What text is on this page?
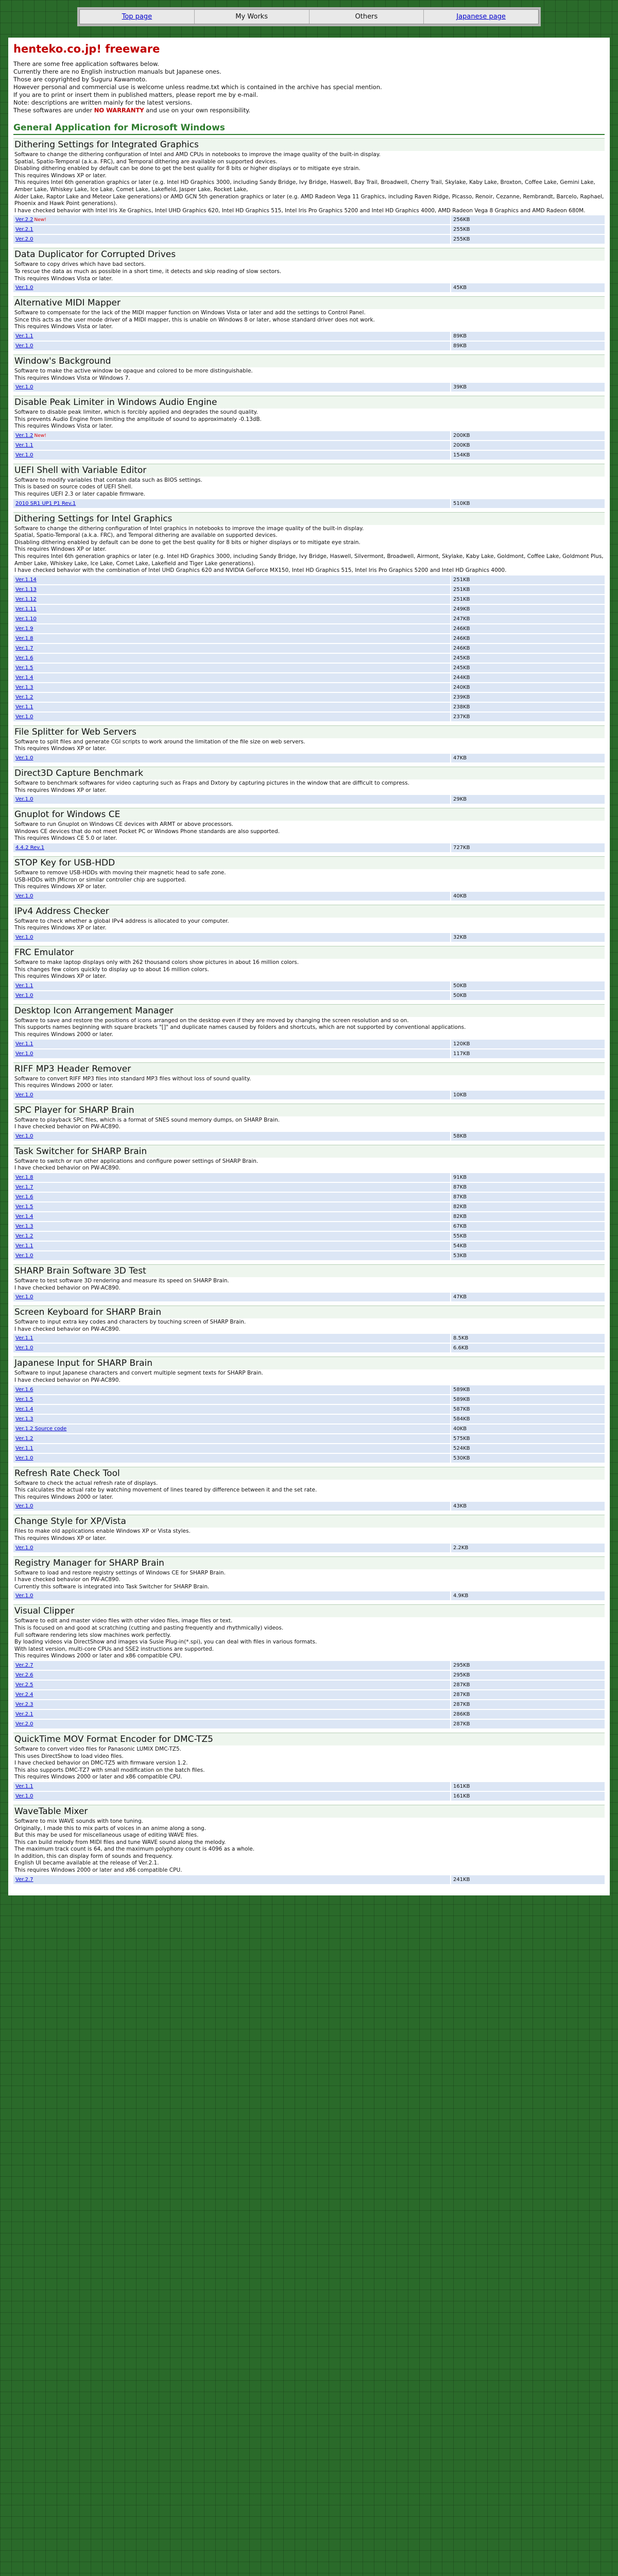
Top page	My Works	Others	Japanese page
henteko.co.jp! freeware

There are some free application softwares below.

Currently there are no English instruction manuals but Japanese ones.

Those are copyrighted by Suguru Kawamoto.

However personal and commercial use is welcome unless readme.txt which is contained in the archive has special mention.

If you are to print or insert them in published matters, please report me by e-mail.

Note: descriptions are written mainly for the latest versions.

These softwares are under NO WARRANTY and use on your own responsibility.

General Application for Microsoft Windows
Dithering Settings for Integrated Graphics
Software to change the dithering configuration of Intel and AMD CPUs in notebooks to improve the image quality of the built-in display.
Spatial, Spatio-Temporal (a.k.a. FRC), and Temporal dithering are available on supported devices.
Disabling dithering enabled by default can be done to get the best quality for 8 bits or higher displays or to mitigate eye strain.
This requires Windows XP or later.
This requires Intel 6th generation graphics or later (e.g. Intel HD Graphics 3000, including Sandy Bridge, Ivy Bridge, Haswell, Bay Trail, Broadwell, Cherry Trail, Skylake, Kaby Lake, Broxton, Coffee Lake, Gemini Lake, Amber Lake, Whiskey Lake, Ice Lake, Comet Lake, Lakefield, Jasper Lake, Rocket Lake,
Alder Lake, Raptor Lake and Meteor Lake generations) or AMD GCN 5th generation graphics or later (e.g. AMD Radeon Vega 11 Graphics, including Raven Ridge, Picasso, Renoir, Cezanne, Rembrandt, Barcelo, Raphael, Phoenix and Hawk Point generations).
I have checked behavior with Intel Iris Xe Graphics, Intel UHD Graphics 620, Intel HD Graphics 515, Intel Iris Pro Graphics 5200 and Intel HD Graphics 4000, AMD Radeon Vega 8 Graphics and AMD Radeon 680M.
Ver.2.2 New!	256KB
Ver.2.1	255KB
Ver.2.0	255KB
Data Duplicator for Corrupted Drives
Software to copy drives which have bad sectors.
To rescue the data as much as possible in a short time, it detects and skip reading of slow sectors.
This requires Windows Vista or later.
Ver.1.0	45KB
Alternative MIDI Mapper
Software to compensate for the lack of the MIDI mapper function on Windows Vista or later and add the settings to Control Panel.
Since this acts as the user mode driver of a MIDI mapper, this is unable on Windows 8 or later, whose standard driver does not work.
This requires Windows Vista or later.
Ver.1.1	89KB
Ver.1.0	89KB
Window's Background
Software to make the active window be opaque and colored to be more distinguishable.
This requires Windows Vista or Windows 7.
Ver.1.0	39KB
Disable Peak Limiter in Windows Audio Engine
Software to disable peak limiter, which is forcibly applied and degrades the sound quality.
This prevents Audio Engine from limiting the amplitude of sound to approximately -0.13dB.
This requires Windows Vista or later.
Ver.1.2 New!	200KB
Ver.1.1	200KB
Ver.1.0	154KB
UEFI Shell with Variable Editor
Software to modify variables that contain data such as BIOS settings.
This is based on source codes of UEFI Shell.
This requires UEFI 2.3 or later capable firmware.
2010 SR1 UP1 P1 Rev.1	510KB
Dithering Settings for Intel Graphics
Software to change the dithering configuration of Intel graphics in notebooks to improve the image quality of the built-in display.
Spatial, Spatio-Temporal (a.k.a. FRC), and Temporal dithering are available on supported devices.
Disabling dithering enabled by default can be done to get the best quality for 8 bits or higher displays or to mitigate eye strain.
This requires Windows XP or later.
This requires Intel 6th generation graphics or later (e.g. Intel HD Graphics 3000, including Sandy Bridge, Ivy Bridge, Haswell, Silvermont, Broadwell, Airmont, Skylake, Kaby Lake, Goldmont, Coffee Lake, Goldmont Plus, Amber Lake, Whiskey Lake, Ice Lake, Comet Lake, Lakefield and Tiger Lake generations).
I have checked behavior with the combination of Intel UHD Graphics 620 and NVIDIA GeForce MX150, Intel HD Graphics 515, Intel Iris Pro Graphics 5200 and Intel HD Graphics 4000.
Ver.1.14	251KB
Ver.1.13	251KB
Ver.1.12	251KB
Ver.1.11	249KB
Ver.1.10	247KB
Ver.1.9	246KB
Ver.1.8	246KB
Ver.1.7	246KB
Ver.1.6	245KB
Ver.1.5	245KB
Ver.1.4	244KB
Ver.1.3	240KB
Ver.1.2	239KB
Ver.1.1	238KB
Ver.1.0	237KB
File Splitter for Web Servers
Software to split files and generate CGI scripts to work around the limitation of the file size on web servers.
This requires Windows XP or later.
Ver.1.0	47KB
Direct3D Capture Benchmark
Software to benchmark softwares for video capturing such as Fraps and Dxtory by capturing pictures in the window that are difficult to compress.
This requires Windows XP or later.
Ver.1.0	29KB
Gnuplot for Windows CE
Software to run Gnuplot on Windows CE devices with ARMT or above processors.
Windows CE devices that do not meet Pocket PC or Windows Phone standards are also supported.
This requires Windows CE 5.0 or later.
4.4.2 Rev.1	727KB
STOP Key for USB-HDD
Software to remove USB-HDDs with moving their magnetic head to safe zone.
USB-HDDs with JMicron or similar controller chip are supported.
This requires Windows XP or later.
Ver.1.0	40KB
IPv4 Address Checker
Software to check whether a global IPv4 address is allocated to your computer.
This requires Windows XP or later.
Ver.1.0	32KB
FRC Emulator
Software to make laptop displays only with 262 thousand colors show pictures in about 16 million colors.
This changes few colors quickly to display up to about 16 million colors.
This requires Windows XP or later.
Ver.1.1	50KB
Ver.1.0	50KB
Desktop Icon Arrangement Manager
Software to save and restore the positions of icons arranged on the desktop even if they are moved by changing the screen resolution and so on.
This supports names beginning with square brackets "[]" and duplicate names caused by folders and shortcuts, which are not supported by conventional applications.
This requires Windows 2000 or later.
Ver.1.1	120KB
Ver.1.0	117KB
RIFF MP3 Header Remover
Software to convert RIFF MP3 files into standard MP3 files without loss of sound quality.
This requires Windows 2000 or later.
Ver.1.0	10KB
SPC Player for SHARP Brain
Software to playback SPC files, which is a format of SNES sound memory dumps, on SHARP Brain.
I have checked behavior on PW-AC890.
Ver.1.0	58KB
Task Switcher for SHARP Brain
Software to switch or run other applications and configure power settings of SHARP Brain.
I have checked behavior on PW-AC890.
Ver.1.8	91KB
Ver.1.7	87KB
Ver.1.6	87KB
Ver.1.5	82KB
Ver.1.4	82KB
Ver.1.3	67KB
Ver.1.2	55KB
Ver.1.1	54KB
Ver.1.0	53KB
SHARP Brain Software 3D Test
Software to test software 3D rendering and measure its speed on SHARP Brain.
I have checked behavior on PW-AC890.
Ver.1.0	47KB
Screen Keyboard for SHARP Brain
Software to input extra key codes and characters by touching screen of SHARP Brain.
I have checked behavior on PW-AC890.
Ver.1.1	8.5KB
Ver.1.0	6.6KB
Japanese Input for SHARP Brain
Software to input Japanese characters and convert multiple segment texts for SHARP Brain.
I have checked behavior on PW-AC890.
Ver.1.6	589KB
Ver.1.5	589KB
Ver.1.4	587KB
Ver.1.3	584KB
Ver.1.2 Source code	40KB
Ver.1.2	575KB
Ver.1.1	524KB
Ver.1.0	530KB
Refresh Rate Check Tool
Software to check the actual refresh rate of displays.
This calculates the actual rate by watching movement of lines teared by difference between it and the set rate.
This requires Windows 2000 or later.
Ver.1.0	43KB
Change Style for XP/Vista
Files to make old applications enable Windows XP or Vista styles.
This requires Windows XP or later.
Ver.1.0	2.2KB
Registry Manager for SHARP Brain
Software to load and restore registry settings of Windows CE for SHARP Brain.
I have checked behavior on PW-AC890.
Currently this software is integrated into Task Switcher for SHARP Brain.
Ver.1.0	4.9KB
Visual Clipper
Software to edit and master video files with other video files, image files or text.
This is focused on and good at scratching (cutting and pasting frequently and rhythmically) videos.
Full software rendering lets slow machines work perfectly.
By loading videos via DirectShow and images via Susie Plug-in(*.spi), you can deal with files in various formats.
With latest version, multi-core CPUs and SSE2 instructions are supported.
This requires Windows 2000 or later and x86 compatible CPU.
Ver.2.7	295KB
Ver.2.6	295KB
Ver.2.5	287KB
Ver.2.4	287KB
Ver.2.3	287KB
Ver.2.1	286KB
Ver.2.0	287KB
QuickTime MOV Format Encoder for DMC-TZ5
Software to convert video files for Panasonic LUMIX DMC-TZ5.
This uses DirectShow to load video files.
I have checked behavior on DMC-TZ5 with firmware version 1.2.
This also supports DMC-TZ7 with small modification on the batch files.
This requires Windows 2000 or later and x86 compatible CPU.
Ver.1.1	161KB
Ver.1.0	161KB
WaveTable Mixer
Software to mix WAVE sounds with tone tuning.
Originally, I made this to mix parts of voices in an anime along a song.
But this may be used for miscellaneous usage of editing WAVE files.
This can build melody from MIDI files and tune WAVE sound along the melody.
The maximum track count is 64, and the maximum polyphony count is 4096 as a whole.
In addition, this can display form of sounds and frequency.
English UI became available at the release of Ver.2.1.
This requires Windows 2000 or later and x86 compatible CPU.
Ver.2.7	241KB
